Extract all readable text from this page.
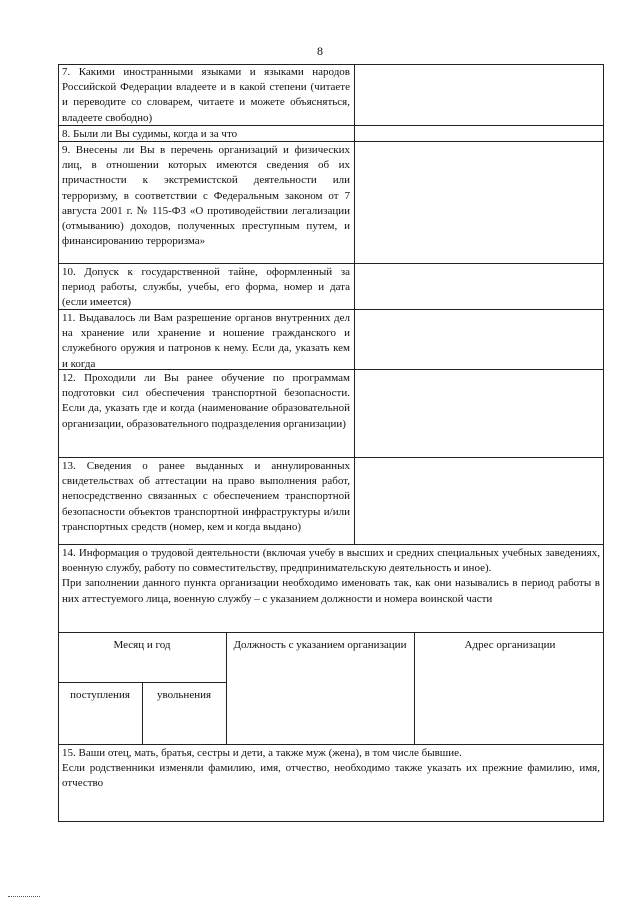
8
7. Какими иностранными языками и языками народов Российской Федерации владеете и в какой степени (читаете и переводите со словарем, читаете и можете объясняться, владеете свободно)
8. Были ли Вы судимы, когда и за что
9. Внесены ли Вы в перечень организаций и физических лиц, в отношении которых имеются сведения об их причастности к экстремистской деятельности или терроризму, в соответствии с Федеральным законом от 7 августа 2001 г. № 115-ФЗ «О противодействии легализации (отмыванию) доходов, полученных преступным путем, и финансированию терроризма»
10. Допуск к государственной тайне, оформленный за период работы, службы, учебы, его форма, номер и дата (если имеется)
11. Выдавалось ли Вам разрешение органов внутренних дел на хранение или хранение и ношение гражданского и служебного оружия и патронов к нему. Если да, указать кем и когда
12. Проходили ли Вы ранее обучение по программам подготовки сил обеспечения транспортной безопасности. Если да, указать где и когда (наименование образовательной организации, образовательного подразделения организации)
13. Сведения о ранее выданных и аннулированных свидетельствах об аттестации на право выполнения работ, непосредственно связанных с обеспечением транспортной безопасности объектов транспортной инфраструктуры и/или транспортных средств (номер, кем и когда выдано)
14. Информация о трудовой деятельности (включая учебу в высших и средних специальных учебных заведениях, военную службу, работу по совместительству, предпринимательскую деятельность и иное).
При заполнении данного пункта организации необходимо именовать так, как они назывались в период работы в них аттестуемого лица, военную службу – с указанием должности и номера воинской части
Месяц и год	Должность с указанием организации	Адрес организации
поступления	увольнения
15. Ваши отец, мать, братья, сестры и дети, а также муж (жена), в том числе бывшие.
Если родственники изменяли фамилию, имя, отчество, необходимо также указать их прежние фамилию, имя, отчество
